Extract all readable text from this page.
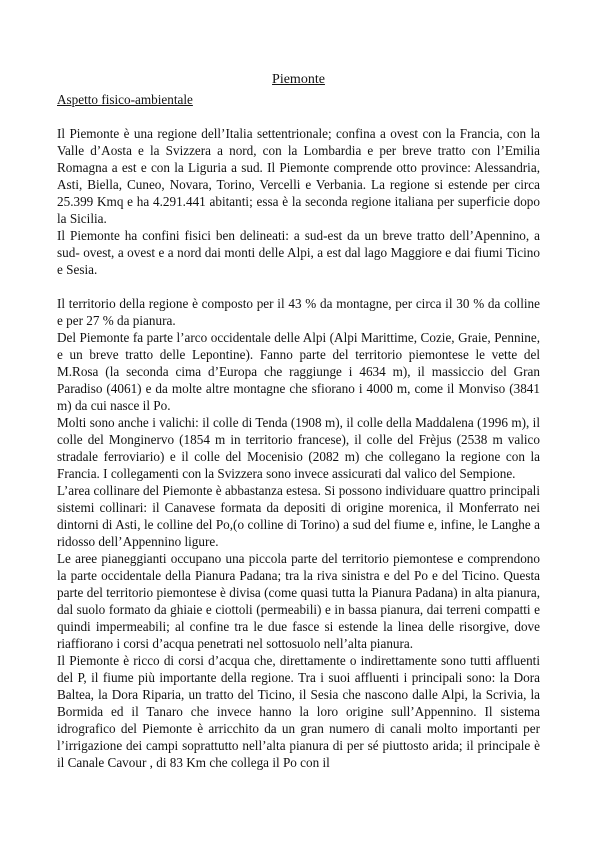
Piemonte

Aspetto fisico-ambientale

Il Piemonte è una regione dell’Italia settentrionale; confina a ovest con la Francia, con la Valle d’Aosta e la Svizzera a nord, con la Lombardia e per breve tratto con l’Emilia Romagna a est e con la Liguria a sud. Il Piemonte comprende otto province: Alessandria, Asti, Biella, Cuneo, Novara, Torino, Vercelli e Verbania. La regione si estende per circa 25.399 Kmq e ha 4.291.441 abitanti; essa è la seconda regione italiana per superficie dopo la Sicilia.

Il Piemonte ha confini fisici ben delineati: a sud-est da un breve tratto dell’Apennino, a sud- ovest, a ovest e a nord dai monti delle Alpi, a est dal lago Maggiore e dai fiumi Ticino e Sesia.

Il territorio della regione è composto per il 43 % da montagne, per circa il 30 % da colline e per 27 % da pianura.

Del Piemonte fa parte l’arco occidentale delle Alpi (Alpi Marittime, Cozie, Graie, Pennine, e un breve tratto delle Lepontine). Fanno parte del territorio piemontese le vette del M.Rosa (la seconda cima d’Europa che raggiunge i 4634 m), il massiccio del Gran Paradiso (4061) e da molte altre montagne che sfiorano i 4000 m, come il Monviso (3841 m) da cui nasce il Po.

Molti sono anche i valichi: il colle di Tenda (1908 m), il colle della Maddalena (1996 m), il colle del Monginervo (1854 m in territorio francese), il colle del Frèjus (2538 m valico stradale ferroviario) e il colle del Mocenisio (2082 m) che collegano la regione con la Francia. I collegamenti con la Svizzera sono invece assicurati dal valico del Sempione.

L’area collinare del Piemonte è abbastanza estesa. Si possono individuare quattro principali sistemi collinari: il Canavese formata da depositi di origine morenica, il Monferrato nei dintorni di Asti, le colline del Po,(o colline di Torino) a sud del fiume e, infine, le Langhe a ridosso dell’Appennino ligure.

Le aree pianeggianti occupano una piccola parte del territorio piemontese e comprendono la parte occidentale della Pianura Padana; tra la riva sinistra e del Po e del Ticino. Questa parte del territorio piemontese è divisa (come quasi tutta la Pianura Padana) in alta pianura, dal suolo formato da ghiaie e ciottoli (permeabili) e in bassa pianura, dai terreni compatti e quindi impermeabili; al confine tra le due fasce si estende la linea delle risorgive, dove riaffiorano i corsi d’acqua penetrati nel sottosuolo nell’alta pianura.

Il Piemonte è ricco di corsi d’acqua che, direttamente o indirettamente sono tutti affluenti del P, il fiume più importante della regione. Tra i suoi affluenti i principali sono: la Dora Baltea, la Dora Riparia, un tratto del Ticino, il Sesia che nascono dalle Alpi, la Scrivia, la Bormida ed il Tanaro che invece hanno la loro origine sull’Appennino. Il sistema idrografico del Piemonte è arricchito da un gran numero di canali molto importanti per l’irrigazione dei campi soprattutto nell’alta pianura di per sé piuttosto arida; il principale è il Canale Cavour , di 83 Km che collega il Po con il
